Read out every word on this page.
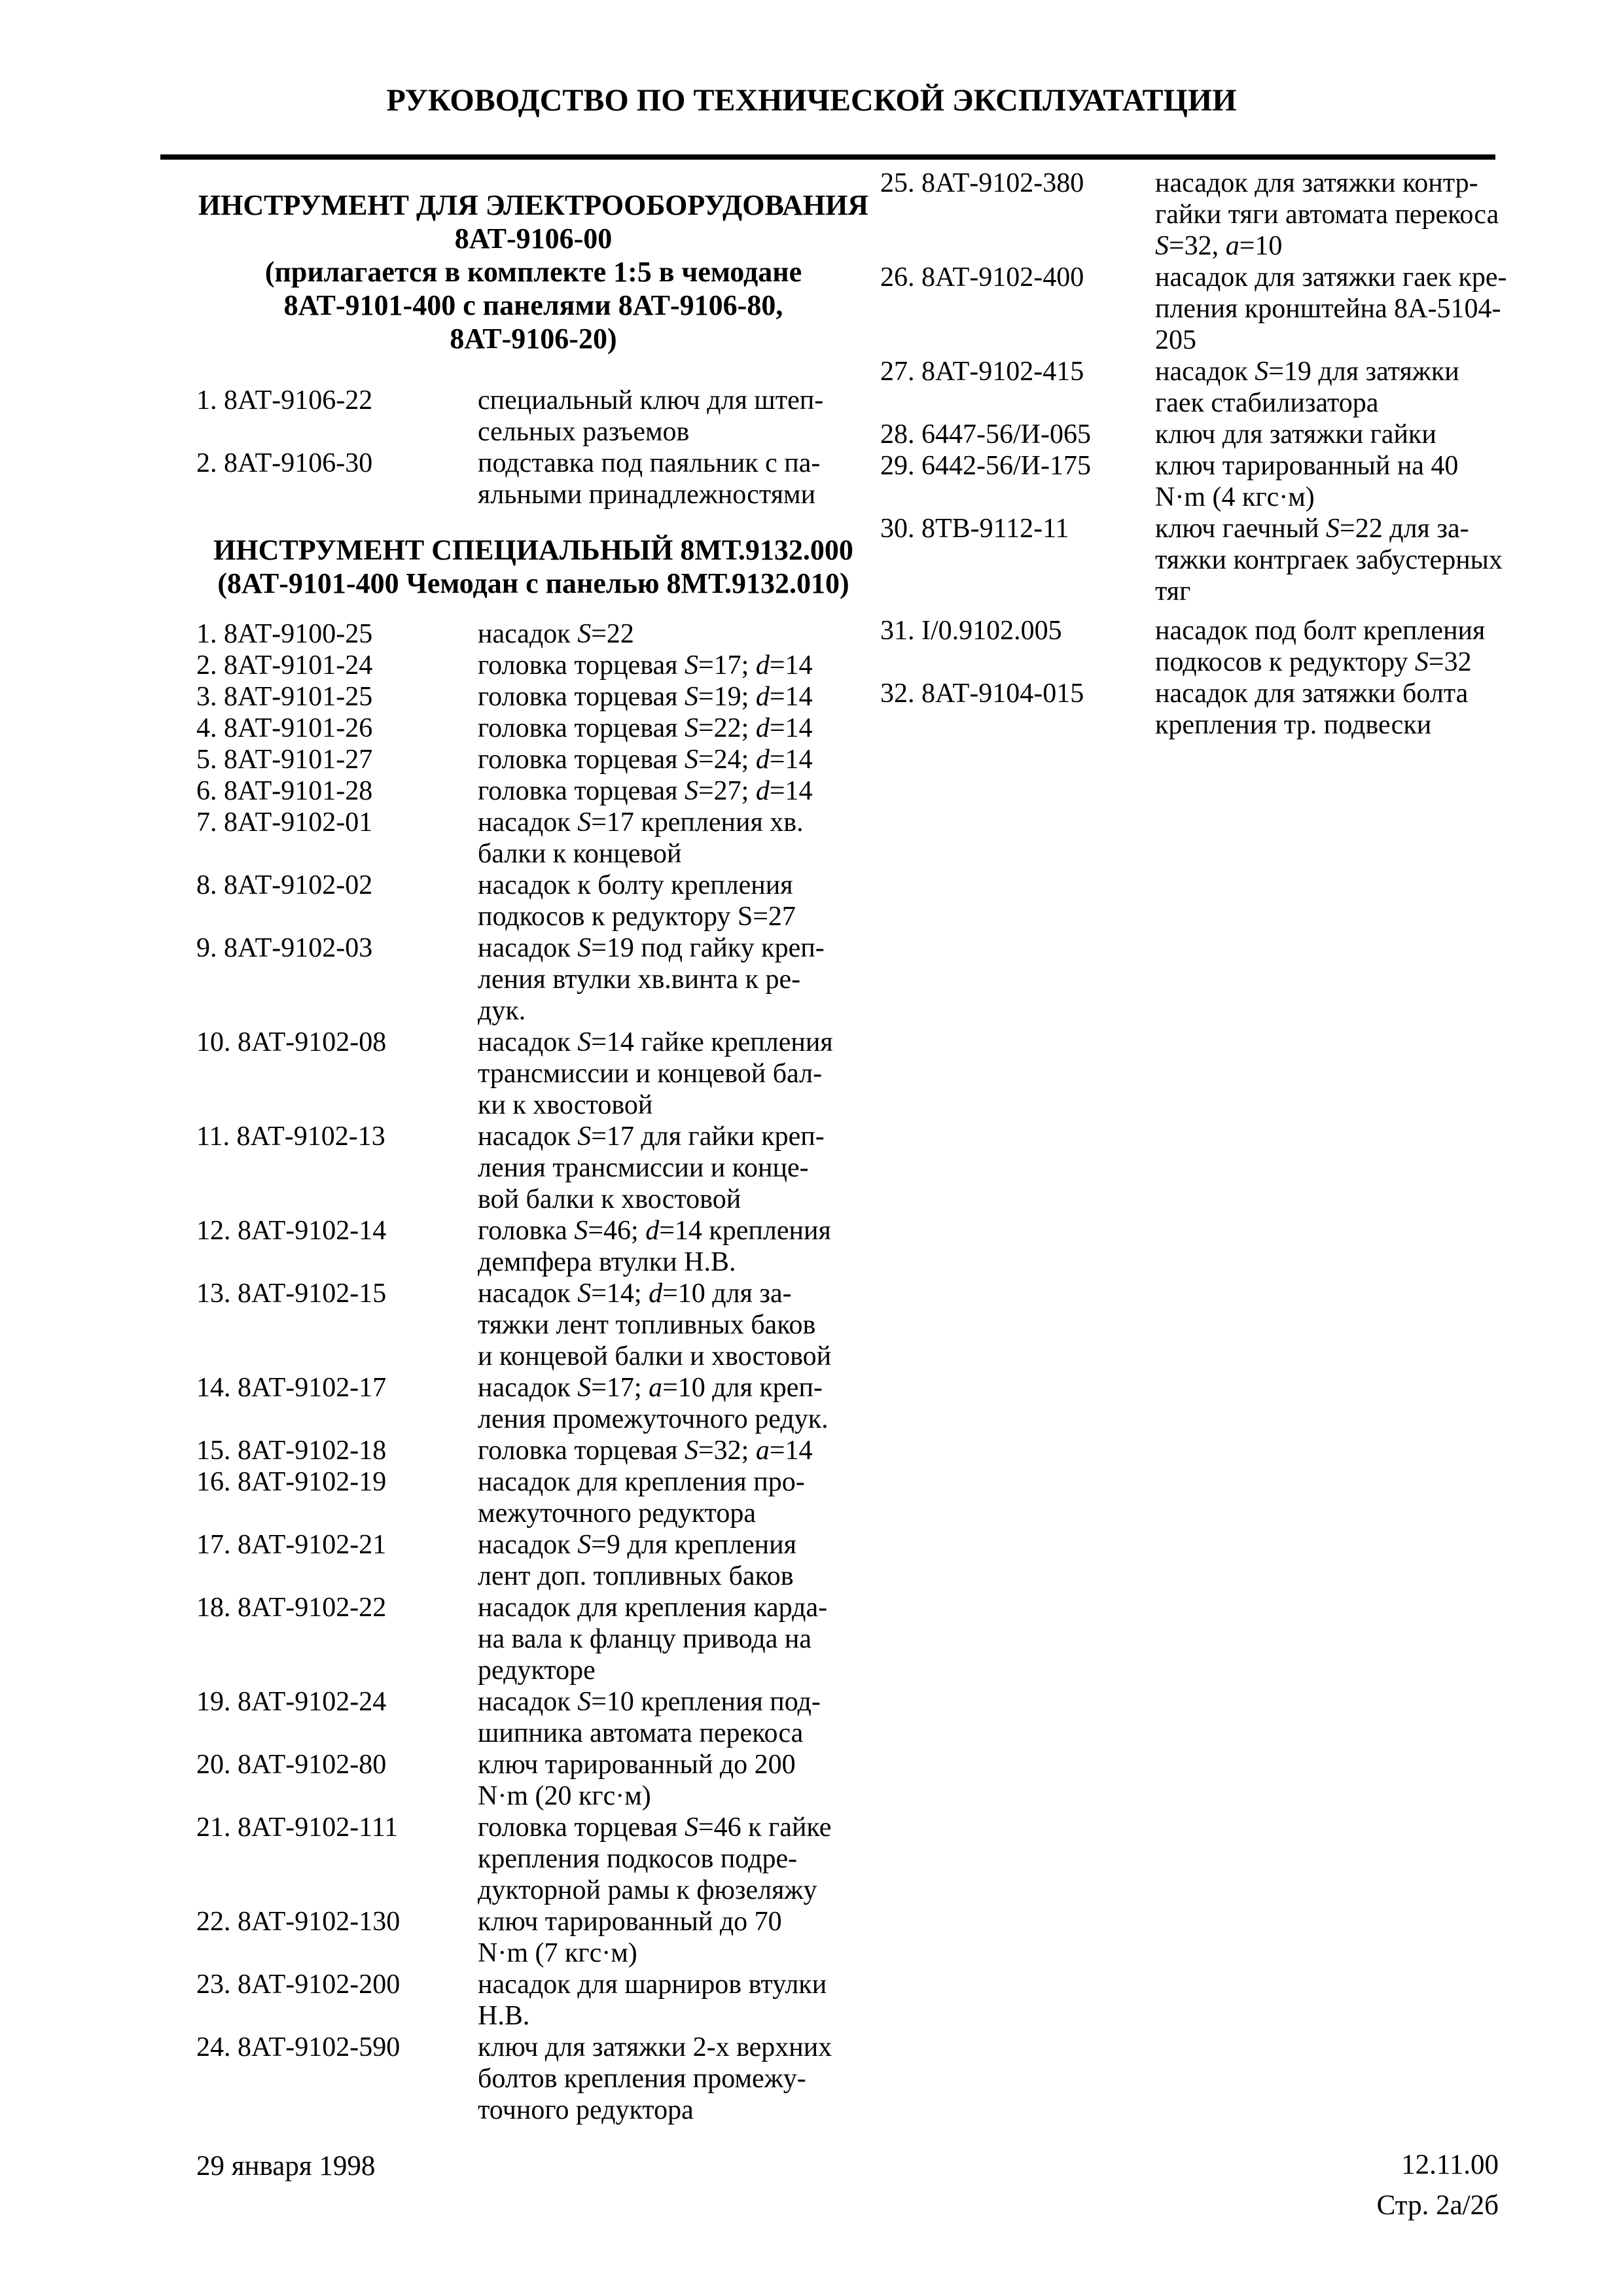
РУКОВОДСТВО ПО ТЕХНИЧЕСКОЙ ЭКСПЛУАТАТЦИИ
ИНСТРУМЕНТ ДЛЯ ЭЛЕКТРООБОРУДОВАНИЯ
8АТ-9106-00
(прилагается в комплекте 1:5 в чемодане
8АТ-9101-400 с панелями 8АТ-9106-80,
8АТ-9106-20)
1. 8АТ-9106-22	специальный ключ для штеп-
сельных разъемов
2. 8АТ-9106-30	подставка под паяльник с па-
яльными принадлежностями
ИНСТРУМЕНТ СПЕЦИАЛЬНЫЙ 8МТ.9132.000
(8АТ-9101-400 Чемодан с панелью 8МТ.9132.010)
1. 8АТ-9100-25	насадок S=22
2. 8АТ-9101-24	головка торцевая S=17; d=14
3. 8АТ-9101-25	головка торцевая S=19; d=14
4. 8АТ-9101-26	головка торцевая S=22; d=14
5. 8АТ-9101-27	головка торцевая S=24; d=14
6. 8АТ-9101-28	головка торцевая S=27; d=14
7. 8АТ-9102-01	насадок S=17 крепления хв.
балки к концевой
8. 8АТ-9102-02	насадок к болту крепления
подкосов к редуктору S=27
9. 8АТ-9102-03	насадок S=19 под гайку креп-
ления втулки хв.винта к ре-
дук.
10. 8АТ-9102-08	насадок S=14 гайке крепления
трансмиссии и концевой бал-
ки к хвостовой
11. 8АТ-9102-13	насадок S=17 для гайки креп-
ления трансмиссии и конце-
вой балки к хвостовой
12. 8АТ-9102-14	головка S=46; d=14 крепления
демпфера втулки Н.В.
13. 8АТ-9102-15	насадок S=14; d=10 для за-
тяжки лент топливных баков
и концевой балки и хвостовой
14. 8АТ-9102-17	насадок S=17; a=10 для креп-
ления промежуточного редук.
15. 8АТ-9102-18	головка торцевая S=32; a=14
16. 8АТ-9102-19	насадок для крепления про-
межуточного редуктора
17. 8АТ-9102-21	насадок S=9 для крепления
лент доп. топливных баков
18. 8АТ-9102-22	насадок для крепления карда-
на вала к фланцу привода на
редукторе
19. 8АТ-9102-24	насадок S=10 крепления под-
шипника автомата перекоса
20. 8АТ-9102-80	ключ тарированный до 200
N·m (20 кгс·м)
21. 8АТ-9102-111	головка торцевая S=46 к гайке
крепления подкосов подре-
дукторной рамы к фюзеляжу
22. 8АТ-9102-130	ключ тарированный до 70
N·m (7 кгс·м)
23. 8АТ-9102-200	насадок для шарниров втулки
Н.В.
24. 8АТ-9102-590	ключ для затяжки 2-х верхних
болтов крепления промежу-
точного редуктора
25. 8АТ-9102-380	насадок для затяжки контр-
гайки тяги автомата перекоса
S=32, a=10
26. 8АТ-9102-400	насадок для затяжки гаек кре-
пления кронштейна 8А-5104-
205
27. 8АТ-9102-415	насадок S=19 для затяжки
гаек стабилизатора
28. 6447-56/И-065	ключ для затяжки гайки
29. 6442-56/И-175	ключ тарированный на 40
N·m (4 кгс·м)
30. 8ТВ-9112-11	ключ гаечный S=22 для за-
тяжки контргаек забустерных
тяг
31. I/0.9102.005	насадок под болт крепления
подкосов к редуктору S=32
32. 8АТ-9104-015	насадок для затяжки болта
крепления тр. подвески
29 января 1998	12.11.00
Стр. 2а/2б
